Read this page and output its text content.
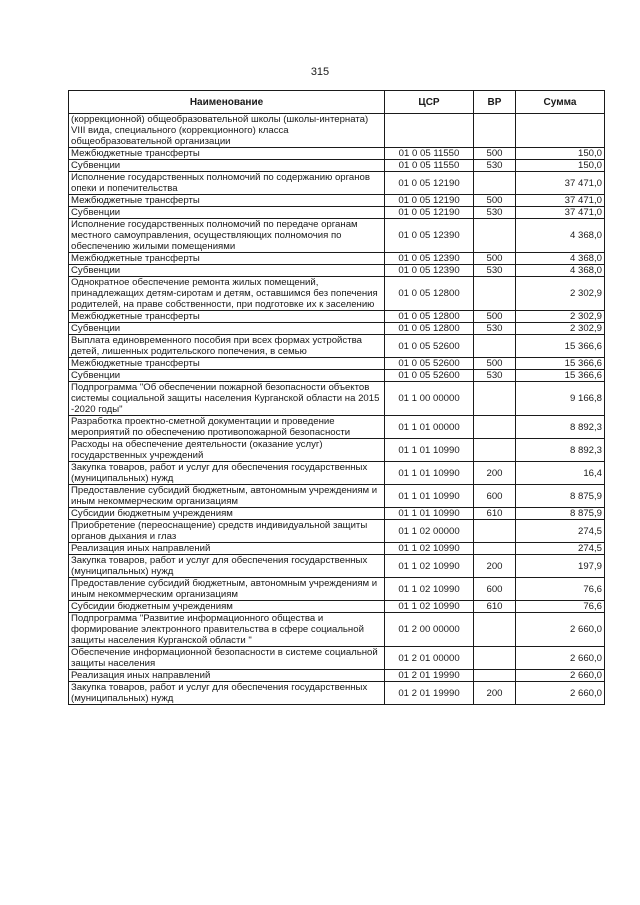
315
Наименование	ЦСР	ВР	Сумма
(коррекционной) общеобразовательной школы (школы-интерната) VIII вида, специального (коррекционного) класса общеобразовательной организации			
Межбюджетные трансферты	01 0 05 11550	500	150,0
Субвенции	01 0 05 11550	530	150,0
Исполнение государственных полномочий по содержанию органов опеки и попечительства	01 0 05 12190		37 471,0
Межбюджетные трансферты	01 0 05 12190	500	37 471,0
Субвенции	01 0 05 12190	530	37 471,0
Исполнение государственных полномочий по передаче органам местного самоуправления, осуществляющих полномочия по обеспечению жилыми помещениями	01 0 05 12390		4 368,0
Межбюджетные трансферты	01 0 05 12390	500	4 368,0
Субвенции	01 0 05 12390	530	4 368,0
Однократное обеспечение ремонта жилых помещений, принадлежащих детям-сиротам и детям, оставшимся без попечения родителей, на праве собственности, при подготовке их к заселению	01 0 05 12800		2 302,9
Межбюджетные трансферты	01 0 05 12800	500	2 302,9
Субвенции	01 0 05 12800	530	2 302,9
Выплата единовременного пособия при всех формах устройства детей, лишенных родительского попечения, в семью	01 0 05 52600		15 366,6
Межбюджетные трансферты	01 0 05 52600	500	15 366,6
Субвенции	01 0 05 52600	530	15 366,6
Подпрограмма "Об обеспечении пожарной безопасности объектов системы социальной защиты населения Курганской области на 2015 -2020 годы"	01 1 00 00000		9 166,8
Разработка проектно-сметной документации и проведение мероприятий по обеспечению противопожарной безопасности	01 1 01 00000		8 892,3
Расходы на обеспечение деятельности (оказание услуг) государственных учреждений	01 1 01 10990		8 892,3
Закупка товаров, работ и услуг для обеспечения государственных (муниципальных) нужд	01 1 01 10990	200	16,4
Предоставление субсидий бюджетным, автономным учреждениям и иным некоммерческим организациям	01 1 01 10990	600	8 875,9
Субсидии бюджетным учреждениям	01 1 01 10990	610	8 875,9
Приобретение (переоснащение) средств индивидуальной защиты органов дыхания и глаз	01 1 02 00000		274,5
Реализация иных направлений	01 1 02 10990		274,5
Закупка товаров, работ и услуг для обеспечения государственных (муниципальных) нужд	01 1 02 10990	200	197,9
Предоставление субсидий бюджетным, автономным учреждениям и иным некоммерческим организациям	01 1 02 10990	600	76,6
Субсидии бюджетным учреждениям	01 1 02 10990	610	76,6
Подпрограмма "Развитие информационного общества и формирование электронного правительства в сфере социальной защиты населения Курганской области "	01 2 00 00000		2 660,0
Обеспечение информационной безопасности в системе социальной защиты населения	01 2 01 00000		2 660,0
Реализация иных направлений	01 2 01 19990		2 660,0
Закупка товаров, работ и услуг для обеспечения государственных (муниципальных) нужд	01 2 01 19990	200	2 660,0
